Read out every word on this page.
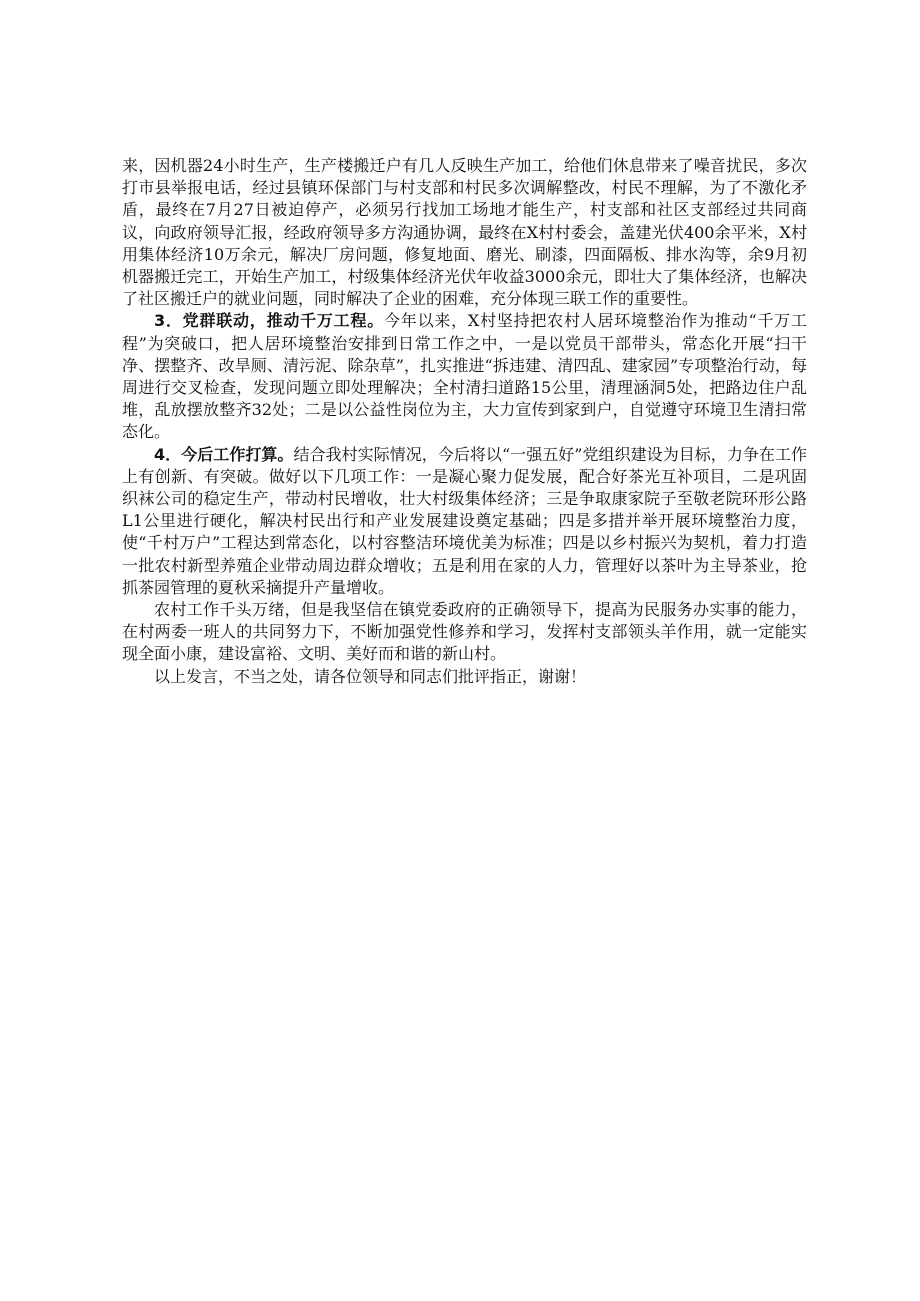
来，因机器24小时生产，生产楼搬迁户有几人反映生产加工，给他们休息带来了噪音扰民，多次打市县举报电话，经过县镇环保部门与村支部和村民多次调解整改，村民不理解，为了不激化矛盾，最终在7月27日被迫停产，必须另行找加工场地才能生产，村支部和社区支部经过共同商议，向政府领导汇报，经政府领导多方沟通协调，最终在X村村委会，盖建光伏400余平米，X村用集体经济10万余元，解决厂房问题，修复地面、磨光、刷漆，四面隔板、排水沟等，余9月初机器搬迁完工，开始生产加工，村级集体经济光伏年收益3000余元，即壮大了集体经济，也解决了社区搬迁户的就业问题，同时解决了企业的困难，充分体现三联工作的重要性。

3．党群联动，推动千万工程。今年以来，X村坚持把农村人居环境整治作为推动“千万工程”为突破口，把人居环境整治安排到日常工作之中，一是以党员干部带头，常态化开展“扫干净、摆整齐、改旱厕、清污泥、除杂草”，扎实推进“拆违建、清四乱、建家园”专项整治行动，每周进行交叉检查，发现问题立即处理解决；全村清扫道路15公里，清理涵洞5处，把路边住户乱堆，乱放摆放整齐32处；二是以公益性岗位为主，大力宣传到家到户，自觉遵守环境卫生清扫常态化。

4．今后工作打算。结合我村实际情况，今后将以“一强五好”党组织建设为目标，力争在工作上有创新、有突破。做好以下几项工作：一是凝心聚力促发展，配合好茶光互补项目，二是巩固织袜公司的稳定生产，带动村民增收，壮大村级集体经济；三是争取康家院子至敬老院环形公路L1公里进行硬化，解决村民出行和产业发展建设奠定基础；四是多措并举开展环境整治力度，使“千村万户”工程达到常态化，以村容整洁环境优美为标准；四是以乡村振兴为契机，着力打造一批农村新型养殖企业带动周边群众增收；五是利用在家的人力，管理好以茶叶为主导茶业，抢抓茶园管理的夏秋采摘提升产量增收。

农村工作千头万绪，但是我坚信在镇党委政府的正确领导下，提高为民服务办实事的能力，在村两委一班人的共同努力下，不断加强党性修养和学习，发挥村支部领头羊作用，就一定能实现全面小康，建设富裕、文明、美好而和谐的新山村。

以上发言，不当之处，请各位领导和同志们批评指正，谢谢！
